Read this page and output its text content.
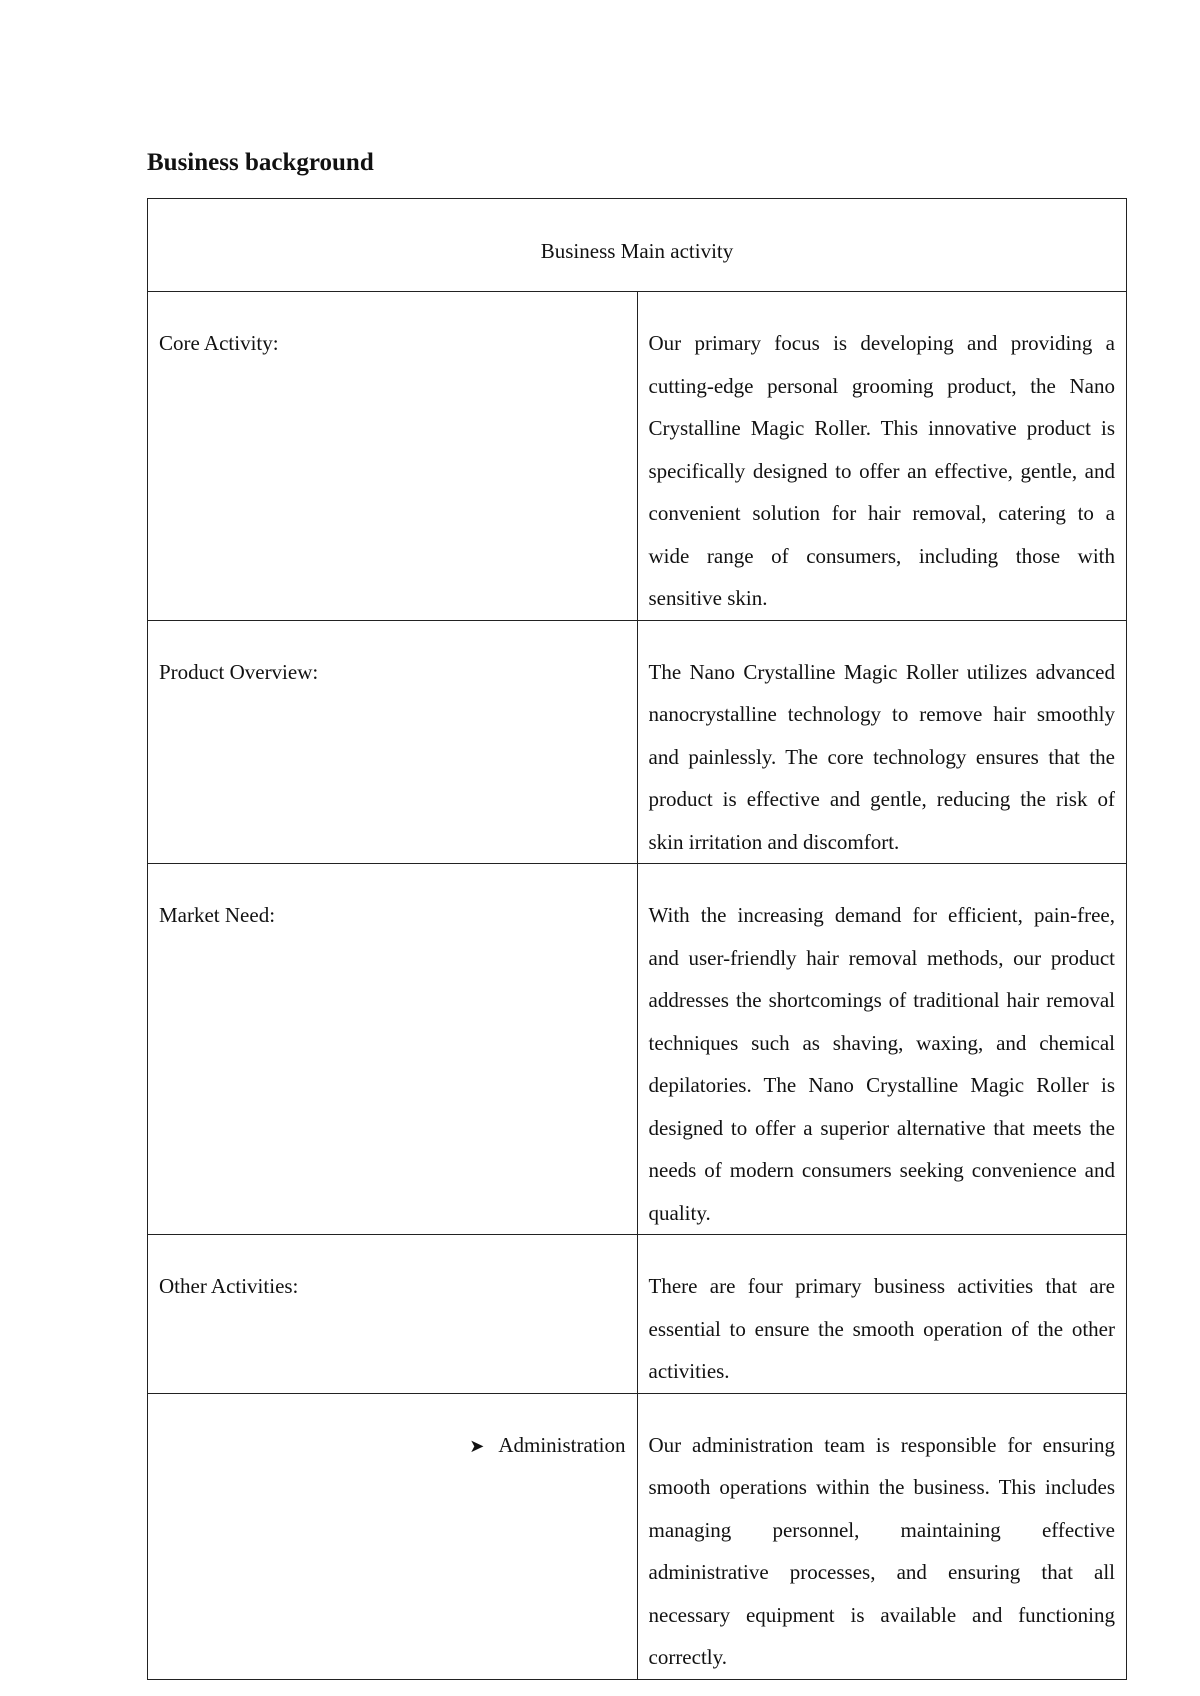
Business background
Business Main activity	

Core Activity:	Our primary focus is developing and providing a cutting-edge personal grooming product, the Nano Crystalline Magic Roller. This innovative product is specifically designed to offer an effective, gentle, and convenient solution for hair removal, catering to a wide range of consumers, including those with sensitive skin.

Product Overview:	The Nano Crystalline Magic Roller utilizes advanced nanocrystalline technology to remove hair smoothly and painlessly. The core technology ensures that the product is effective and gentle, reducing the risk of skin irritation and discomfort.

Market Need:	With the increasing demand for efficient, pain-free, and user-friendly hair removal methods, our product addresses the shortcomings of traditional hair removal techniques such as shaving, waxing, and chemical depilatories. The Nano Crystalline Magic Roller is designed to offer a superior alternative that meets the needs of modern consumers seeking convenience and quality.

Other Activities:	There are four primary business activities that are essential to ensure the smooth operation of the other activities.

➤ Administration	Our administration team is responsible for ensuring smooth operations within the business. This includes managing personnel, maintaining effective administrative processes, and ensuring that all necessary equipment is available and functioning correctly.
